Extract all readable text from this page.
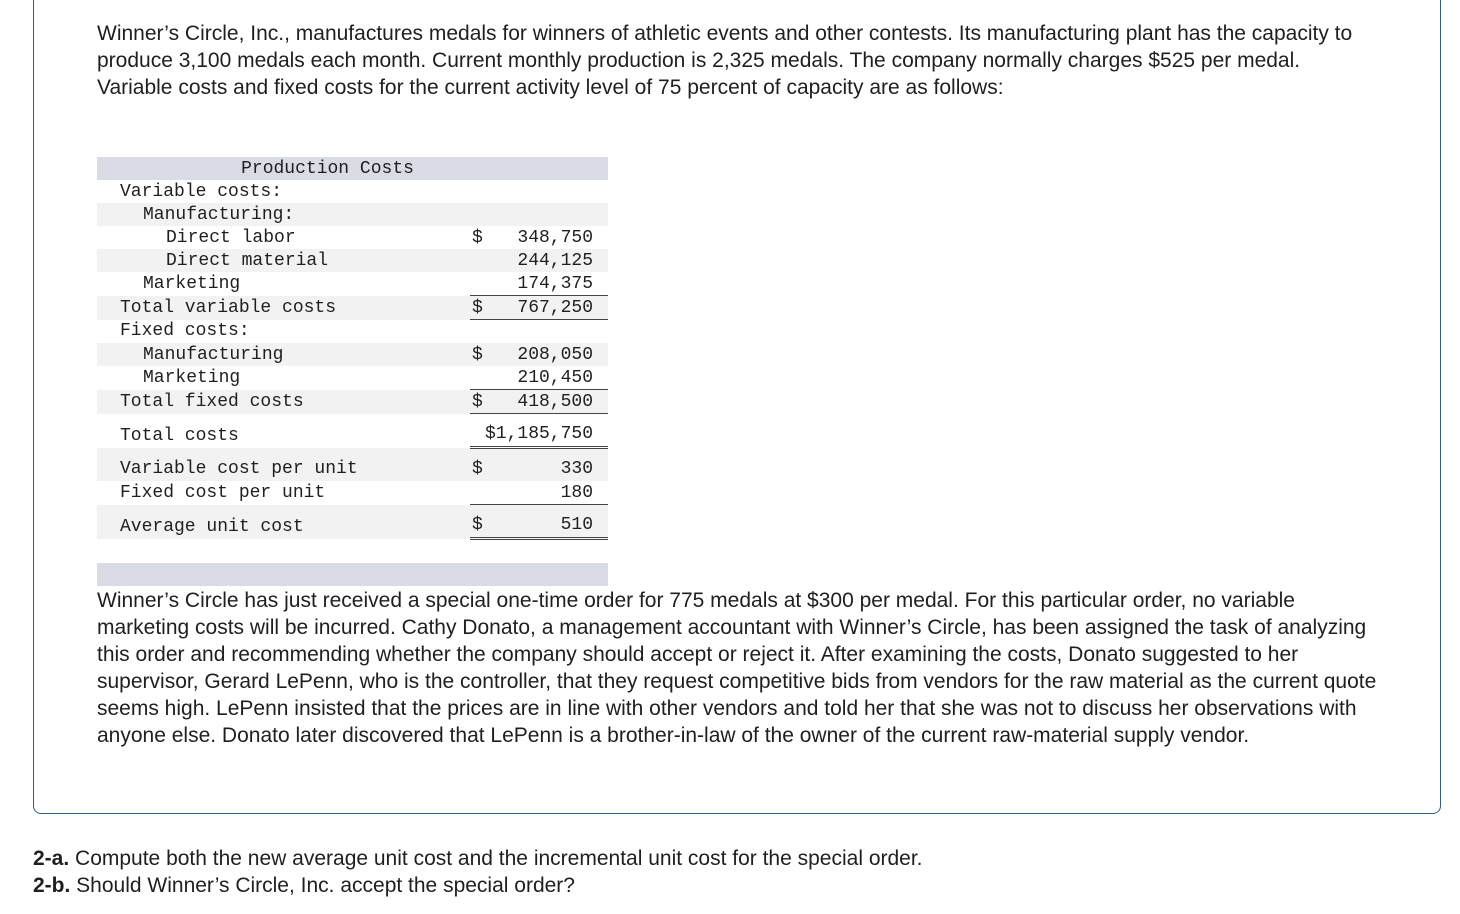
Winner’s Circle, Inc., manufactures medals for winners of athletic events and other contests. Its manufacturing plant has the capacity to produce 3,100 medals each month. Current monthly production is 2,325 medals. The company normally charges $525 per medal. Variable costs and fixed costs for the current activity level of 75 percent of capacity are as follows:

Production Costs		
Variable costs:		
Manufacturing:		
Direct labor	$	348,750
Direct material		244,125
Marketing		174,375
Total variable costs	$	767,250
Fixed costs:		
Manufacturing	$	208,050
Marketing		210,450
Total fixed costs	$	418,500
Total costs	$1,185,750	
Variable cost per unit	$	330
Fixed cost per unit		180
Average unit cost	$	510

Winner’s Circle has just received a special one-time order for 775 medals at $300 per medal. For this particular order, no variable marketing costs will be incurred. Cathy Donato, a management accountant with Winner’s Circle, has been assigned the task of analyzing this order and recommending whether the company should accept or reject it. After examining the costs, Donato suggested to her supervisor, Gerard LePenn, who is the controller, that they request competitive bids from vendors for the raw material as the current quote seems high. LePenn insisted that the prices are in line with other vendors and told her that she was not to discuss her observations with anyone else. Donato later discovered that LePenn is a brother-in-law of the owner of the current raw-material supply vendor.

2-a. Compute both the new average unit cost and the incremental unit cost for the special order.
2-b. Should Winner’s Circle, Inc. accept the special order?
